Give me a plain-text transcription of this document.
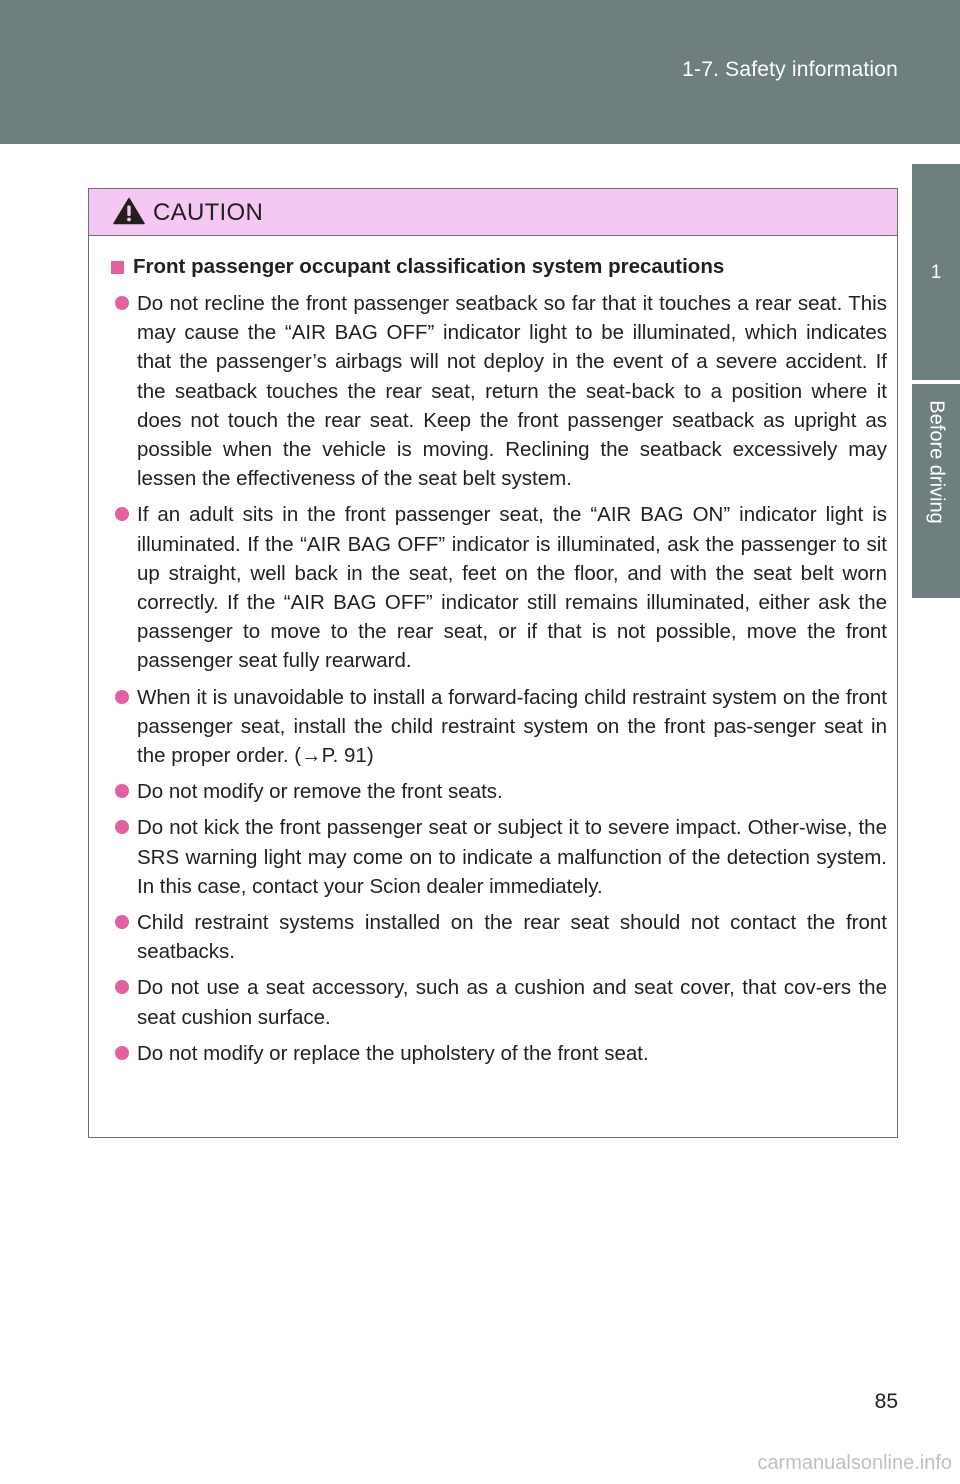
1-7. Safety information
1
Before driving
CAUTION
Front passenger occupant classification system precautions
Do not recline the front passenger seatback so far that it touches a rear seat. This may cause the “AIR BAG OFF” indicator light to be illuminated, which indicates that the passenger’s airbags will not deploy in the event of a severe accident. If the seatback touches the rear seat, return the seat-back to a position where it does not touch the rear seat. Keep the front passenger seatback as upright as possible when the vehicle is moving. Reclining the seatback excessively may lessen the effectiveness of the seat belt system.
If an adult sits in the front passenger seat, the “AIR BAG ON” indicator light is illuminated. If the “AIR BAG OFF” indicator is illuminated, ask the passenger to sit up straight, well back in the seat, feet on the floor, and with the seat belt worn correctly. If the “AIR BAG OFF” indicator still remains illuminated, either ask the passenger to move to the rear seat, or if that is not possible, move the front passenger seat fully rearward.
When it is unavoidable to install a forward-facing child restraint system on the front passenger seat, install the child restraint system on the front pas-senger seat in the proper order. (→P. 91)
Do not modify or remove the front seats.
Do not kick the front passenger seat or subject it to severe impact. Other-wise, the SRS warning light may come on to indicate a malfunction of the detection system. In this case, contact your Scion dealer immediately.
Child restraint systems installed on the rear seat should not contact the front seatbacks.
Do not use a seat accessory, such as a cushion and seat cover, that cov-ers the seat cushion surface.
Do not modify or replace the upholstery of the front seat.
85
carmanualsonline.info
